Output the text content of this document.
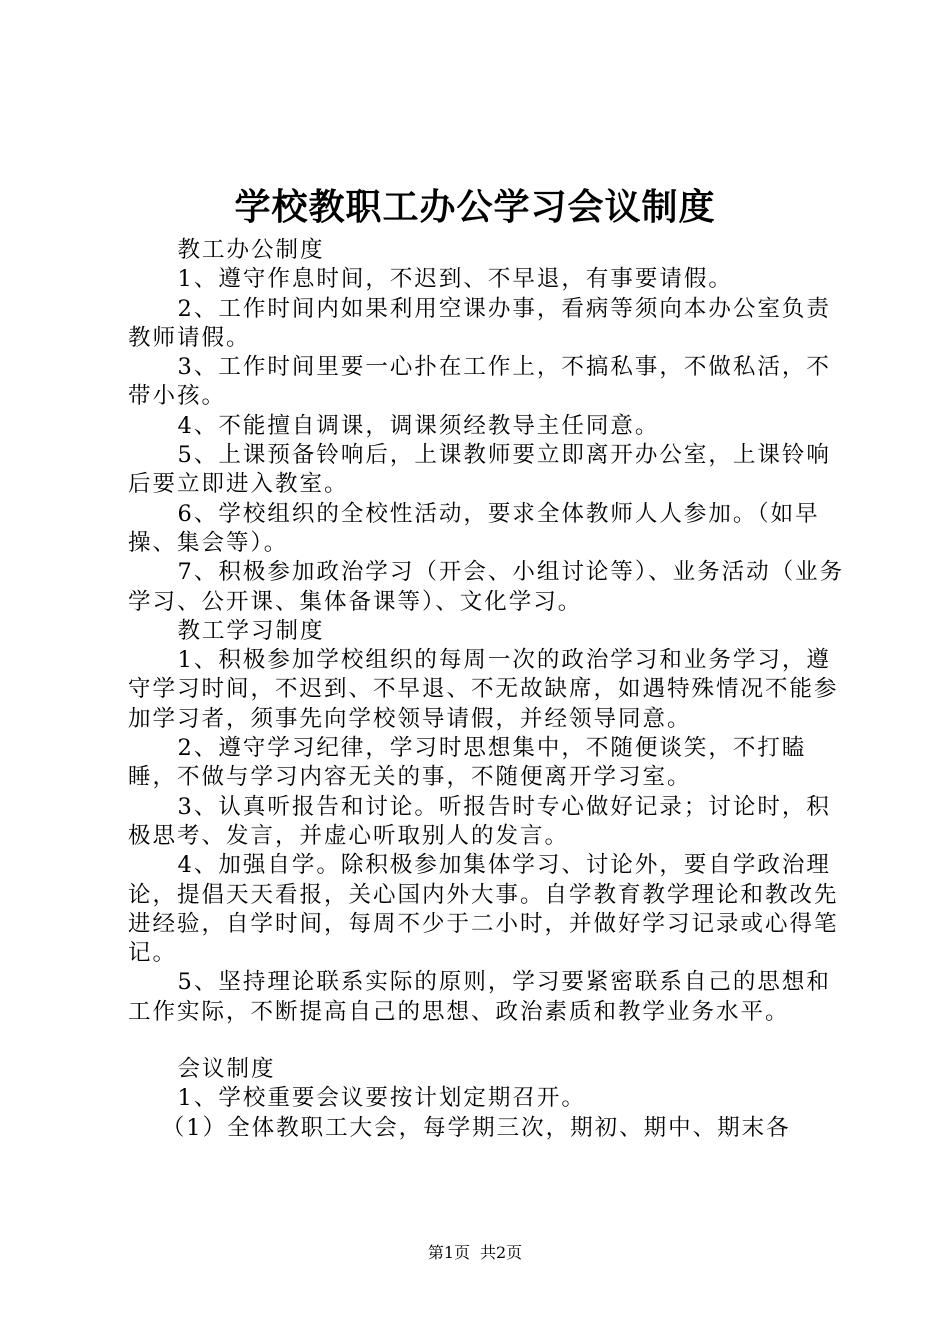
学校教职工办公学习会议制度

教工办公制度

1、遵守作息时间，不迟到、不早退，有事要请假。

2、工作时间内如果利用空课办事，看病等须向本办公室负责教师请假。

3、工作时间里要一心扑在工作上，不搞私事，不做私活，不带小孩。

4、不能擅自调课，调课须经教导主任同意。

5、上课预备铃响后，上课教师要立即离开办公室，上课铃响后要立即进入教室。

6、学校组织的全校性活动，要求全体教师人人参加。（如早操、集会等）。

7、积极参加政治学习（开会、小组讨论等）、业务活动（业务学习、公开课、集体备课等）、文化学习。

教工学习制度

1、积极参加学校组织的每周一次的政治学习和业务学习，遵守学习时间，不迟到、不早退、不无故缺席，如遇特殊情况不能参加学习者，须事先向学校领导请假，并经领导同意。

2、遵守学习纪律，学习时思想集中，不随便谈笑，不打瞌睡，不做与学习内容无关的事，不随便离开学习室。

3、认真听报告和讨论。听报告时专心做好记录；讨论时，积极思考、发言，并虚心听取别人的发言。

4、加强自学。除积极参加集体学习、讨论外，要自学政治理论，提倡天天看报，关心国内外大事。自学教育教学理论和教改先进经验，自学时间，每周不少于二小时，并做好学习记录或心得笔记。

5、坚持理论联系实际的原则，学习要紧密联系自己的思想和工作实际，不断提高自己的思想、政治素质和教学业务水平。

会议制度

1、学校重要会议要按计划定期召开。

（1）全体教职工大会，每学期三次，期初、期中、期末各

第1页 共2页
